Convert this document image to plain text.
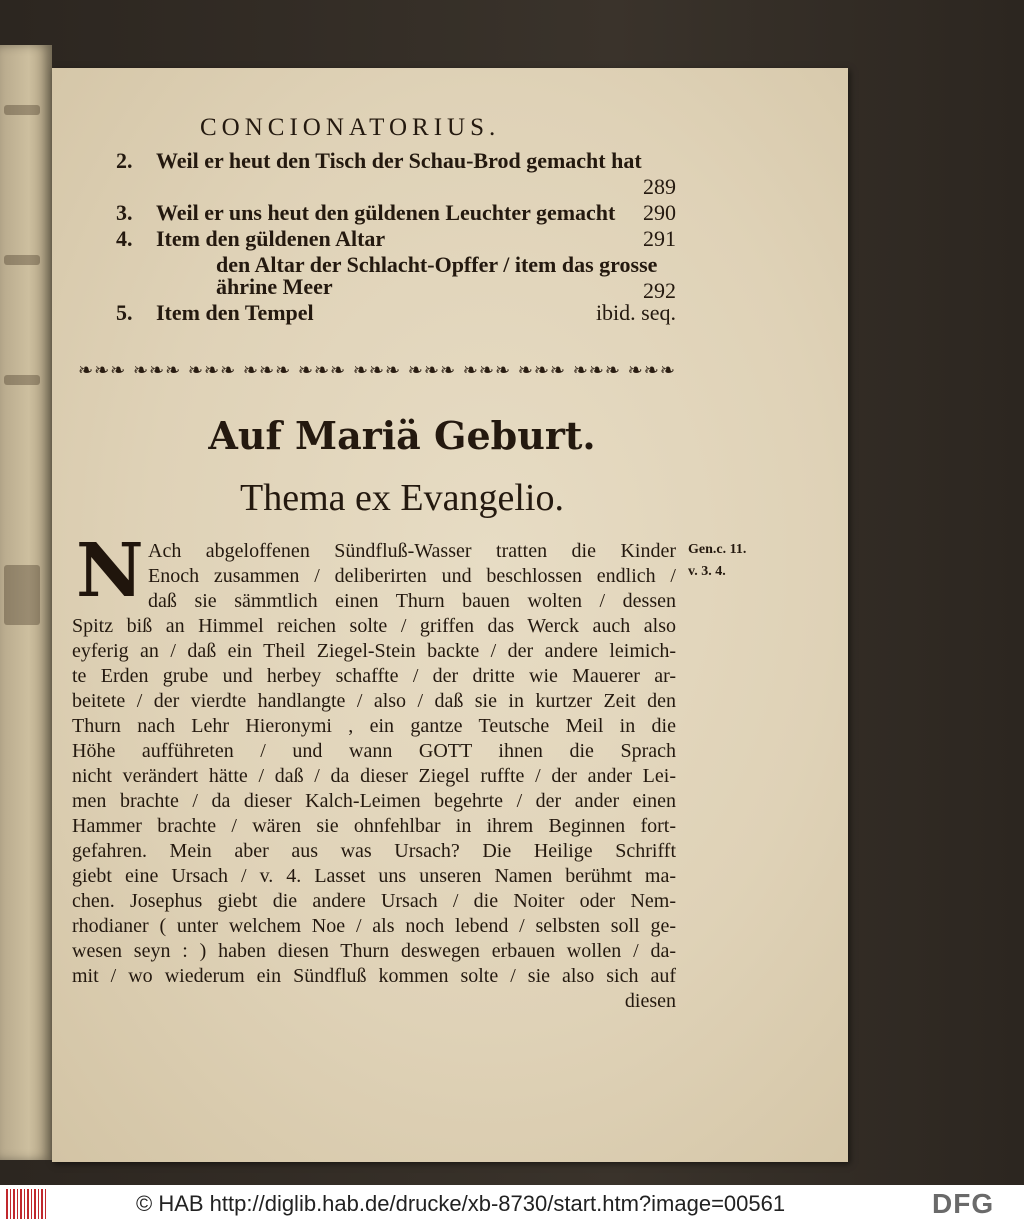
CONCIONATORIUS.
2. Weil er heut den Tisch der Schau-Brod gemacht hat
289
3. Weil er uns heut den güldenen Leuchter gemacht 290
4. Item den güldenen Altar	291
den Altar der Schlacht-Opffer / item das grosse
ährine Meer	292
5. Item den Tempel	ibid. seq.
❧❧❧ ❧❧❧ ❧❧❧ ❧❧❧ ❧❧❧ ❧❧❧ ❧❧❧ ❧❧❧ ❧❧❧ ❧❧❧ ❧❧❧
Auf Mariä Geburt.
Thema ex Evangelio.
N Ach abgeloffenen Sündfluß-Wasser tratten die Kinder
Enoch zusammen / deliberirten und beschlossen endlich /
daß sie sämmtlich einen Thurn bauen wolten / dessen
Spitz biß an Himmel reichen solte / griffen das Werck auch also
eyferig an / daß ein Theil Ziegel-Stein backte / der andere leimich-
te Erden grube und herbey schaffte / der dritte wie Mauerer ar-
beitete / der vierdte handlangte / also / daß sie in kurtzer Zeit den
Thurn nach Lehr Hieronymi , ein gantze Teutsche Meil in die
Höhe aufführeten / und wann GOTT ihnen die Sprach
nicht verändert hätte / daß / da dieser Ziegel ruffte / der ander Lei-
men brachte / da dieser Kalch-Leimen begehrte / der ander einen
Hammer brachte / wären sie ohnfehlbar in ihrem Beginnen fort-
gefahren. Mein aber aus was Ursach? Die Heilige Schrifft
giebt eine Ursach / v. 4. Lasset uns unseren Namen berühmt ma-
chen. Josephus giebt die andere Ursach / die Noiter oder Nem-
rhodianer ( unter welchem Noe / als noch lebend / selbsten soll ge-
wesen seyn : ) haben diesen Thurn deswegen erbauen wollen / da-
mit / wo wiederum ein Sündfluß kommen solte / sie also sich auf
diesen
Gen.c. 11.
v. 3. 4.
© HAB http://diglib.hab.de/drucke/xb-8730/start.htm?image=00561	DFG
